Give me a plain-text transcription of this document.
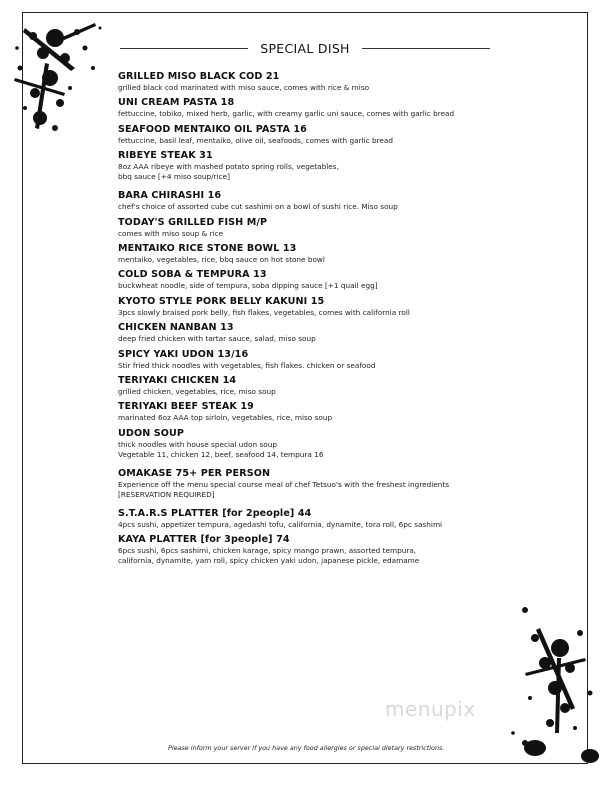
SPECIAL DISH
GRILLED MISO BLACK COD 21
grilled black cod marinated with miso sauce, comes with rice & miso
UNI CREAM PASTA 18
fettuccine, tobiko, mixed herb, garlic, with creamy garlic uni sauce, comes with garlic bread
SEAFOOD MENTAIKO OIL PASTA 16
fettuccine, basil leaf, mentaiko, olive oil, seafoods, comes with garlic bread
RIBEYE STEAK 31
8oz AAA ribeye with mashed potato spring rolls, vegetables,
bbq sauce [+4 miso soup/rice]
BARA CHIRASHI 16
chef's choice of assorted cube cut sashimi on a bowl of sushi rice. Miso soup
TODAY'S GRILLED FISH M/P
comes with miso soup & rice
MENTAIKO RICE STONE BOWL 13
mentaiko, vegetables, rice, bbq sauce on hot stone bowl
COLD SOBA & TEMPURA 13
buckwheat noodle, side of tempura, soba dipping sauce [+1 quail egg]
KYOTO STYLE PORK BELLY KAKUNI 15
3pcs slowly braised pork belly, fish flakes, vegetables, comes with california roll
CHICKEN NANBAN 13
deep fried chicken with tartar sauce, salad, miso soup
SPICY YAKI UDON 13/16
Stir fried thick noodles with vegetables, fish flakes. chicken or seafood
TERIYAKI CHICKEN 14
grilled chicken, vegetables, rice, miso soup
TERIYAKI BEEF STEAK 19
marinated 6oz AAA top sirloin, vegetables, rice, miso soup
UDON SOUP
thick noodles with house special udon soup
Vegetable 11, chicken 12, beef, seafood 14, tempura 16
OMAKASE 75+ PER PERSON
Experience off the menu special course meal of chef Tetsuo's with the freshest ingredients
[RESERVATION REQUIRED]
S.T.A.R.S PLATTER [for 2people] 44
4pcs sushi, appetizer tempura, agedashi tofu, california, dynamite, tora roll, 6pc sashimi
KAYA PLATTER [for 3people] 74
6pcs sushi, 6pcs sashimi, chicken karage, spicy mango prawn, assorted tempura,
california, dynamite, yam roll, spicy chicken yaki udon, japanese pickle, edamame
menupix
Please inform your server if you have any food allergies or special dietary restrictions.
